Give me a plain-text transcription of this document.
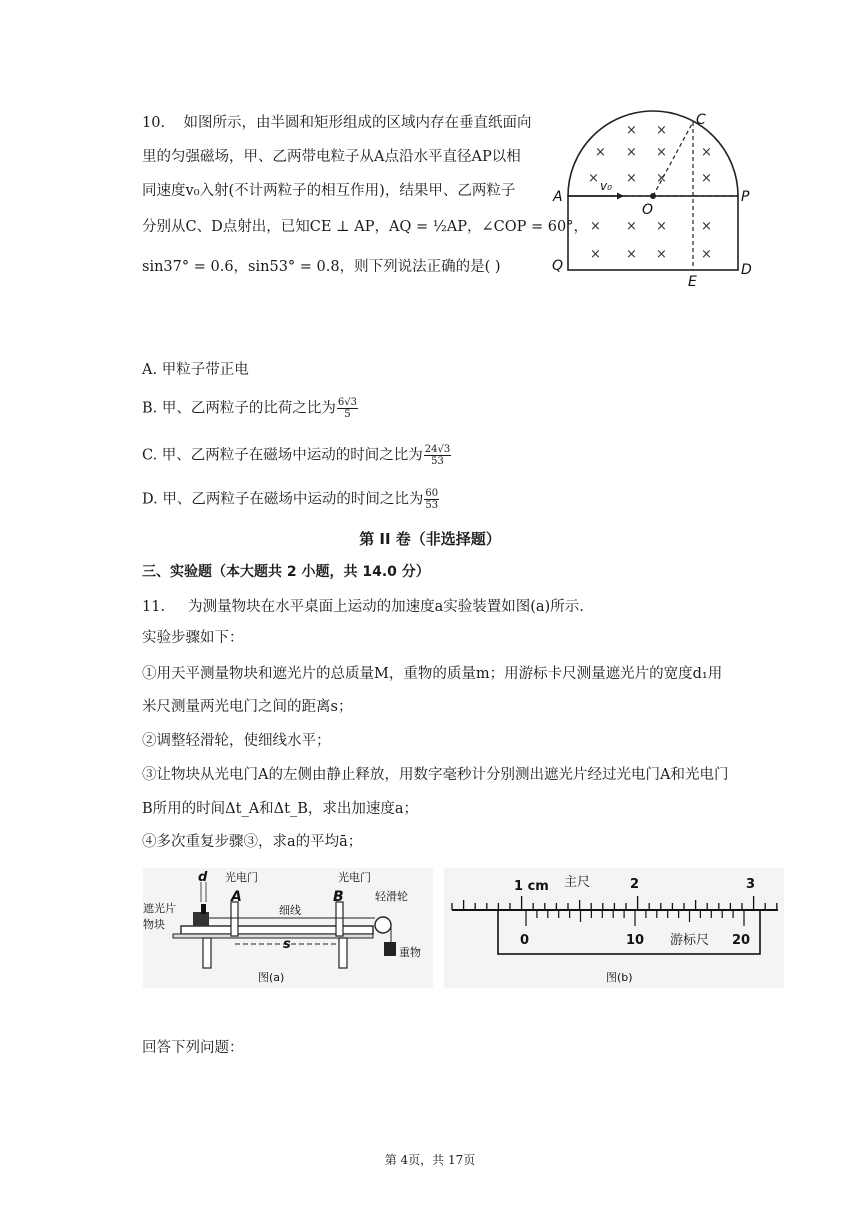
10. 如图所示，由半圆和矩形组成的区域内存在垂直纸面向
里的匀强磁场，甲、乙两带电粒子从A点沿水平直径AP以相
同速度v₀入射(不计两粒子的相互作用)，结果甲、乙两粒子
分别从C、D点射出，已知CE ⊥ AP，AQ = ½AP，∠COP = 60°，
sin37° = 0.6，sin53° = 0.8，则下列说法正确的是( )
×
× × ×
×
×
× × ×	×
× × ×	×
× × ×	×
C
A	P
O
Q
E
D
v₀
A. 甲粒子带正电
B. 甲、乙两粒子的比荷之比为 $\frac{6√3}{5}$
C. 甲、乙两粒子在磁场中运动的时间之比为 $\frac{24√3}{53}$
D. 甲、乙两粒子在磁场中运动的时间之比为 $\frac{60}{53}$
第 II 卷（非选择题）
三、实验题（本大题共 2 小题，共 14.0 分）
11. 为测量物块在水平桌面上运动的加速度a实验装置如图(a)所示.
实验步骤如下：
①用天平测量物块和遮光片的总质量M，重物的质量m；用游标卡尺测量遮光片的宽度d₁用
米尺测量两光电门之间的距离s；
②调整轻滑轮，使细线水平；
③让物块从光电门A的左侧由静止释放，用数字毫秒计分别测出遮光片经过光电门A和光电门
B所用的时间Δt_A和Δt_B，求出加速度a；
④多次重复步骤③，求a的平均ā；
d 光电门
A
光电门
B
遮光片
物块
细线
轻滑轮
s
重物
图(a)
1 cm 主尺	2	3
0	10 游标尺 20
图(b)
回答下列问题：
第 4页，共 17页
